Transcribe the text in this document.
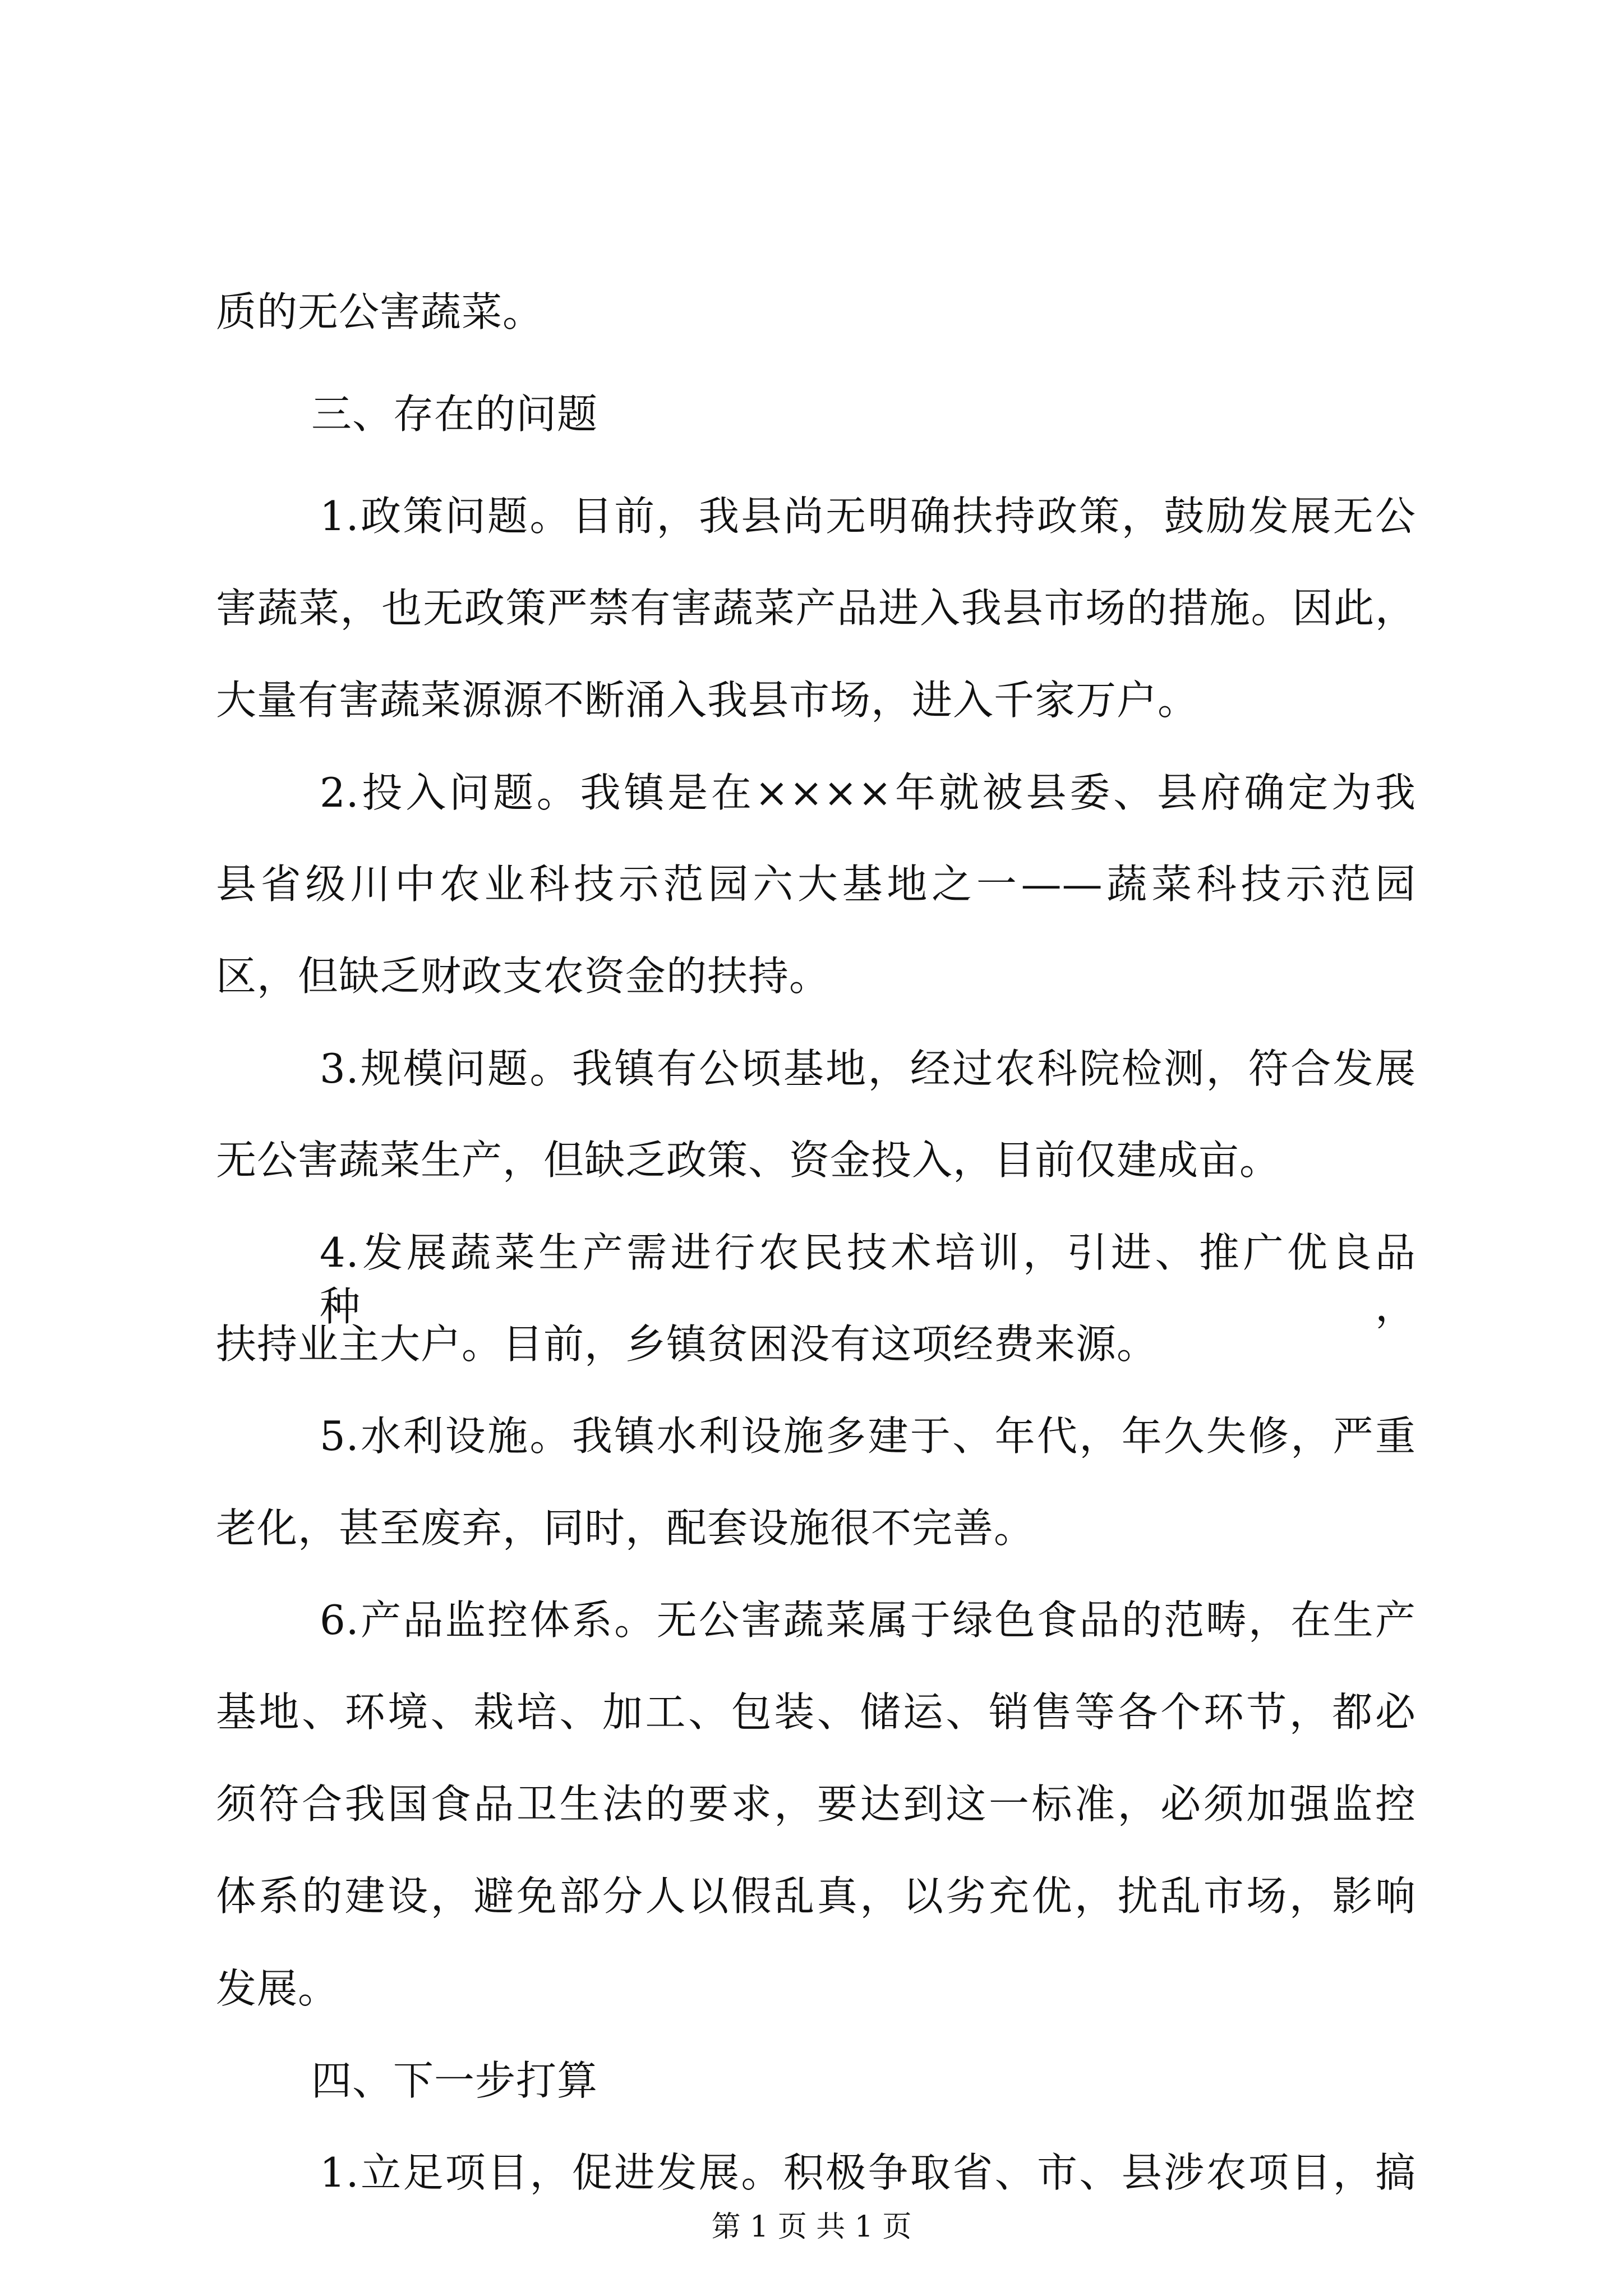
质的无公害蔬菜。
三、存在的问题
1.政策问题。目前，我县尚无明确扶持政策，鼓励发展无公
害蔬菜，也无政策严禁有害蔬菜产品进入我县市场的措施。因此，
大量有害蔬菜源源不断涌入我县市场，进入千家万户。
2.投入问题。我镇是在××××年就被县委、县府确定为我
县省级川中农业科技示范园六大基地之一——蔬菜科技示范园
区，但缺乏财政支农资金的扶持。
3.规模问题。我镇有公顷基地，经过农科院检测，符合发展
无公害蔬菜生产，但缺乏政策、资金投入，目前仅建成亩。
4.发展蔬菜生产需进行农民技术培训，引进、推广优良品种，
扶持业主大户。目前，乡镇贫困没有这项经费来源。
5.水利设施。我镇水利设施多建于、年代，年久失修，严重
老化，甚至废弃，同时，配套设施很不完善。
6.产品监控体系。无公害蔬菜属于绿色食品的范畴，在生产
基地、环境、栽培、加工、包装、储运、销售等各个环节，都必
须符合我国食品卫生法的要求，要达到这一标准，必须加强监控
体系的建设，避免部分人以假乱真，以劣充优，扰乱市场，影响
发展。
四、下一步打算
1.立足项目，促进发展。积极争取省、市、县涉农项目，搞
第 1 页 共 1 页
